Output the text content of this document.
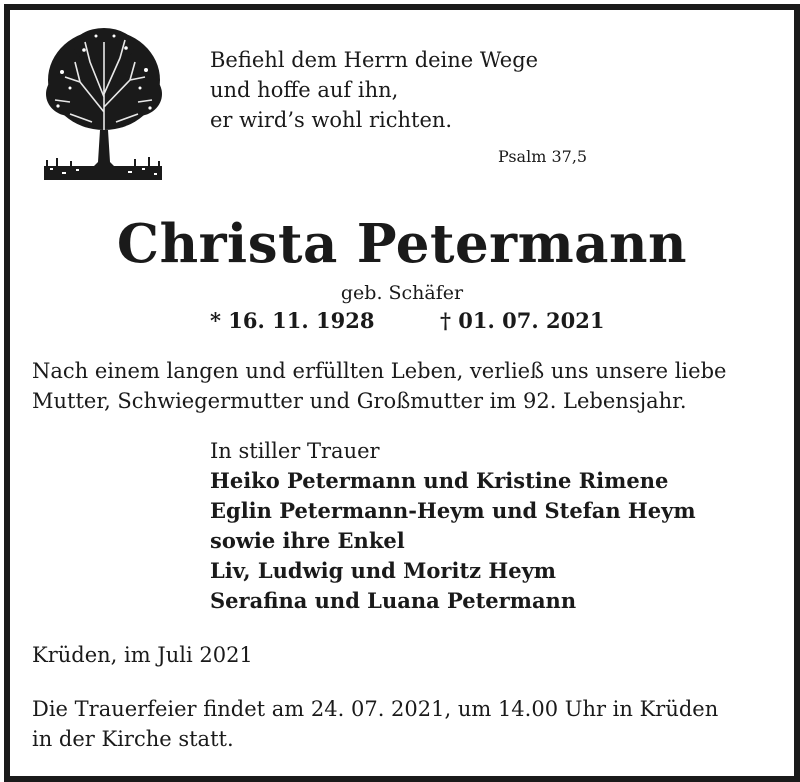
Befiehl dem Herrn deine Wege
und hoffe auf ihn,
er wird’s wohl richten.
Psalm 37,5
Christa Petermann
geb. Schäfer
* 16. 11. 1928	† 01. 07. 2021
Nach einem langen und erfüllten Leben, verließ uns unsere liebe
Mutter, Schwiegermutter und Großmutter im 92. Lebensjahr.
In stiller Trauer
Heiko Petermann und Kristine Rimene
Eglin Petermann-Heym und Stefan Heym
sowie ihre Enkel
Liv, Ludwig und Moritz Heym
Serafina und Luana Petermann
Krüden, im Juli 2021
Die Trauerfeier findet am 24. 07. 2021, um 14.00 Uhr in Krüden
in der Kirche statt.
